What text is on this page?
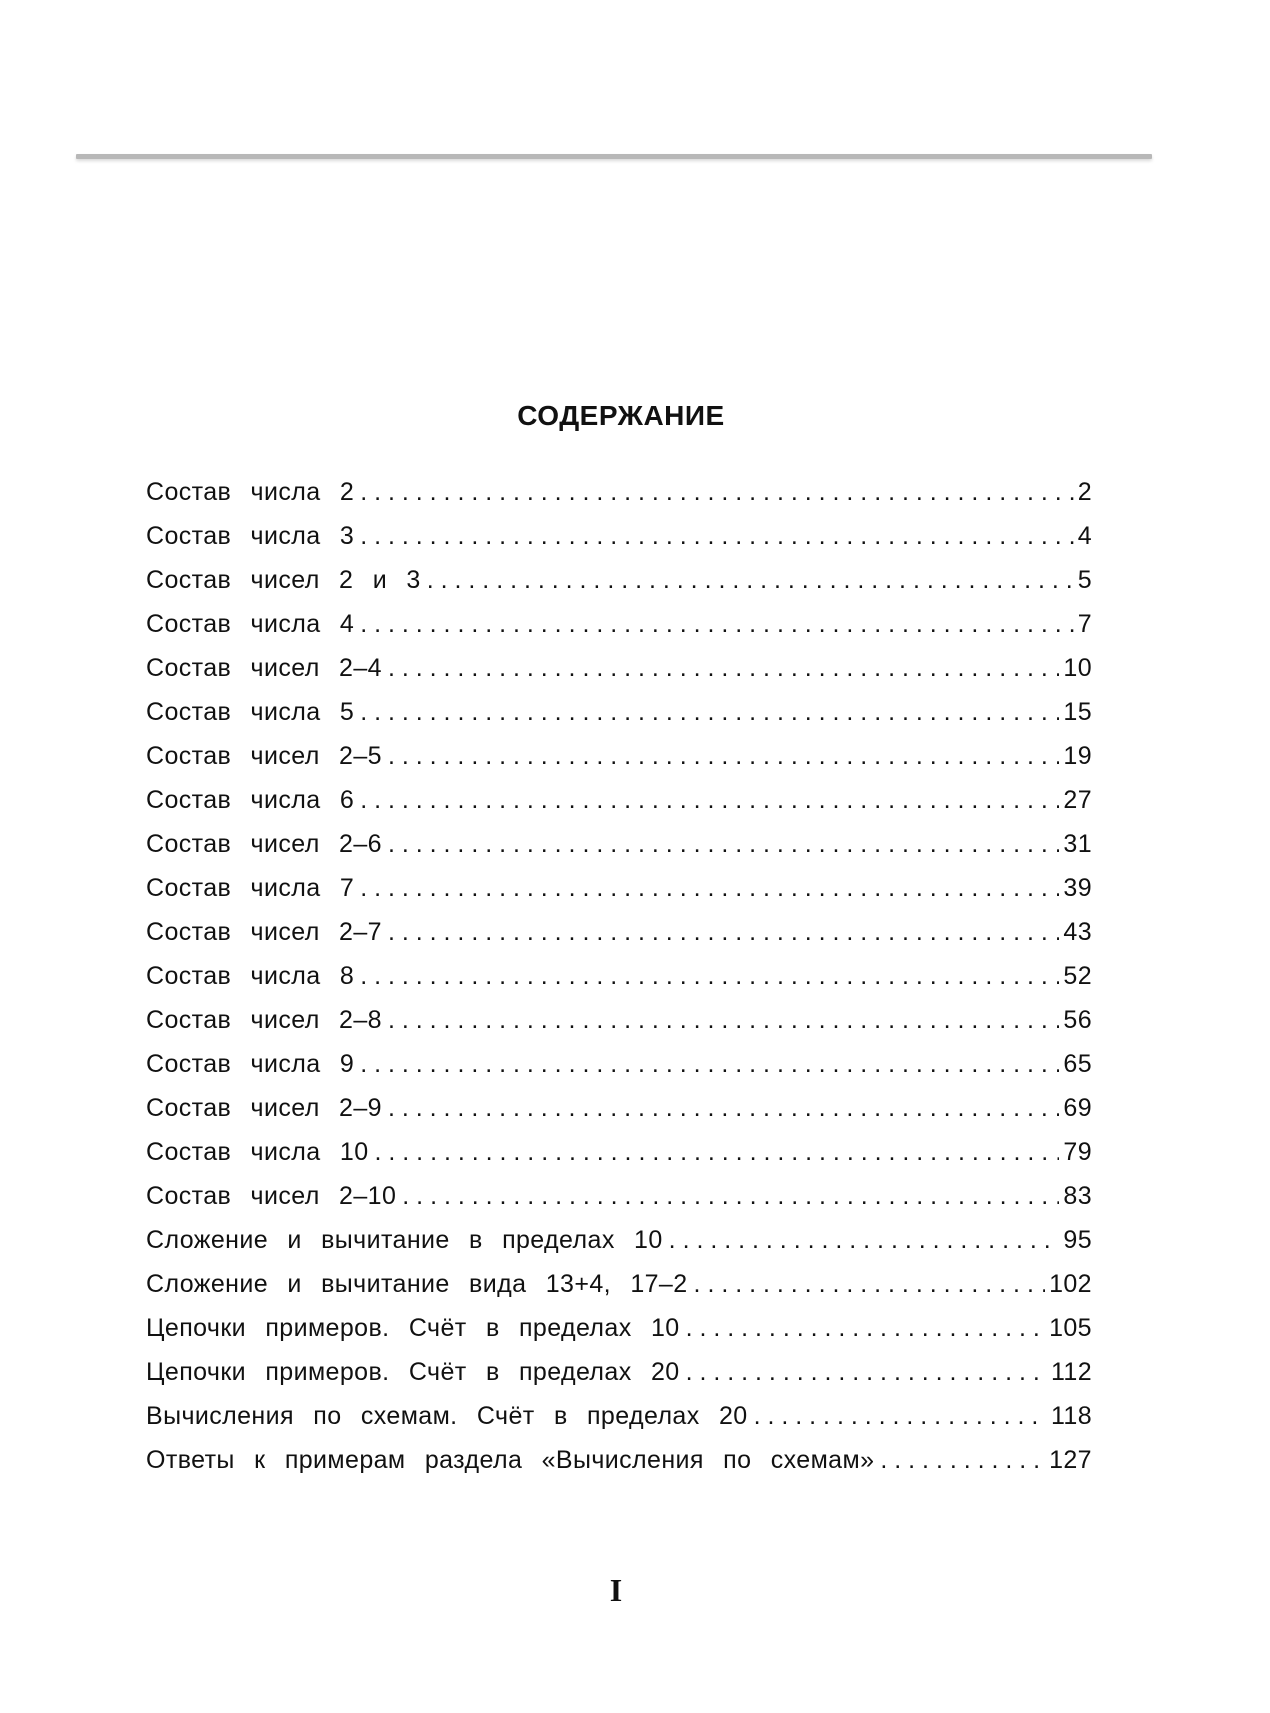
СОДЕРЖАНИЕ
Состав числа 2 . . .	2
Состав числа 3 . . .	4
Состав чисел 2 и 3 . . .	5
Состав числа 4 . . .	7
Состав чисел 2–4 . . .	10
Состав числа 5 . . .	15
Состав чисел 2–5 . . .	19
Состав числа 6 . . .	27
Состав чисел 2–6 . . .	31
Состав числа 7 . . .	39
Состав чисел 2–7 . . .	43
Состав числа 8 . . .	52
Состав чисел 2–8 . . .	56
Состав числа 9 . . .	65
Состав чисел 2–9 . . .	69
Состав числа 10 . . .	79
Состав чисел 2–10 . . .	83
Сложение и вычитание в пределах 10 . . .	95
Сложение и вычитание вида 13+4, 17–2 . . .	102
Цепочки примеров. Счёт в пределах 10 . . .	105
Цепочки примеров. Счёт в пределах 20 . . .	112
Вычисления по схемам. Счёт в пределах 20 . . .	118
Ответы к примерам раздела «Вычисления по схемам» . . .	127
I
